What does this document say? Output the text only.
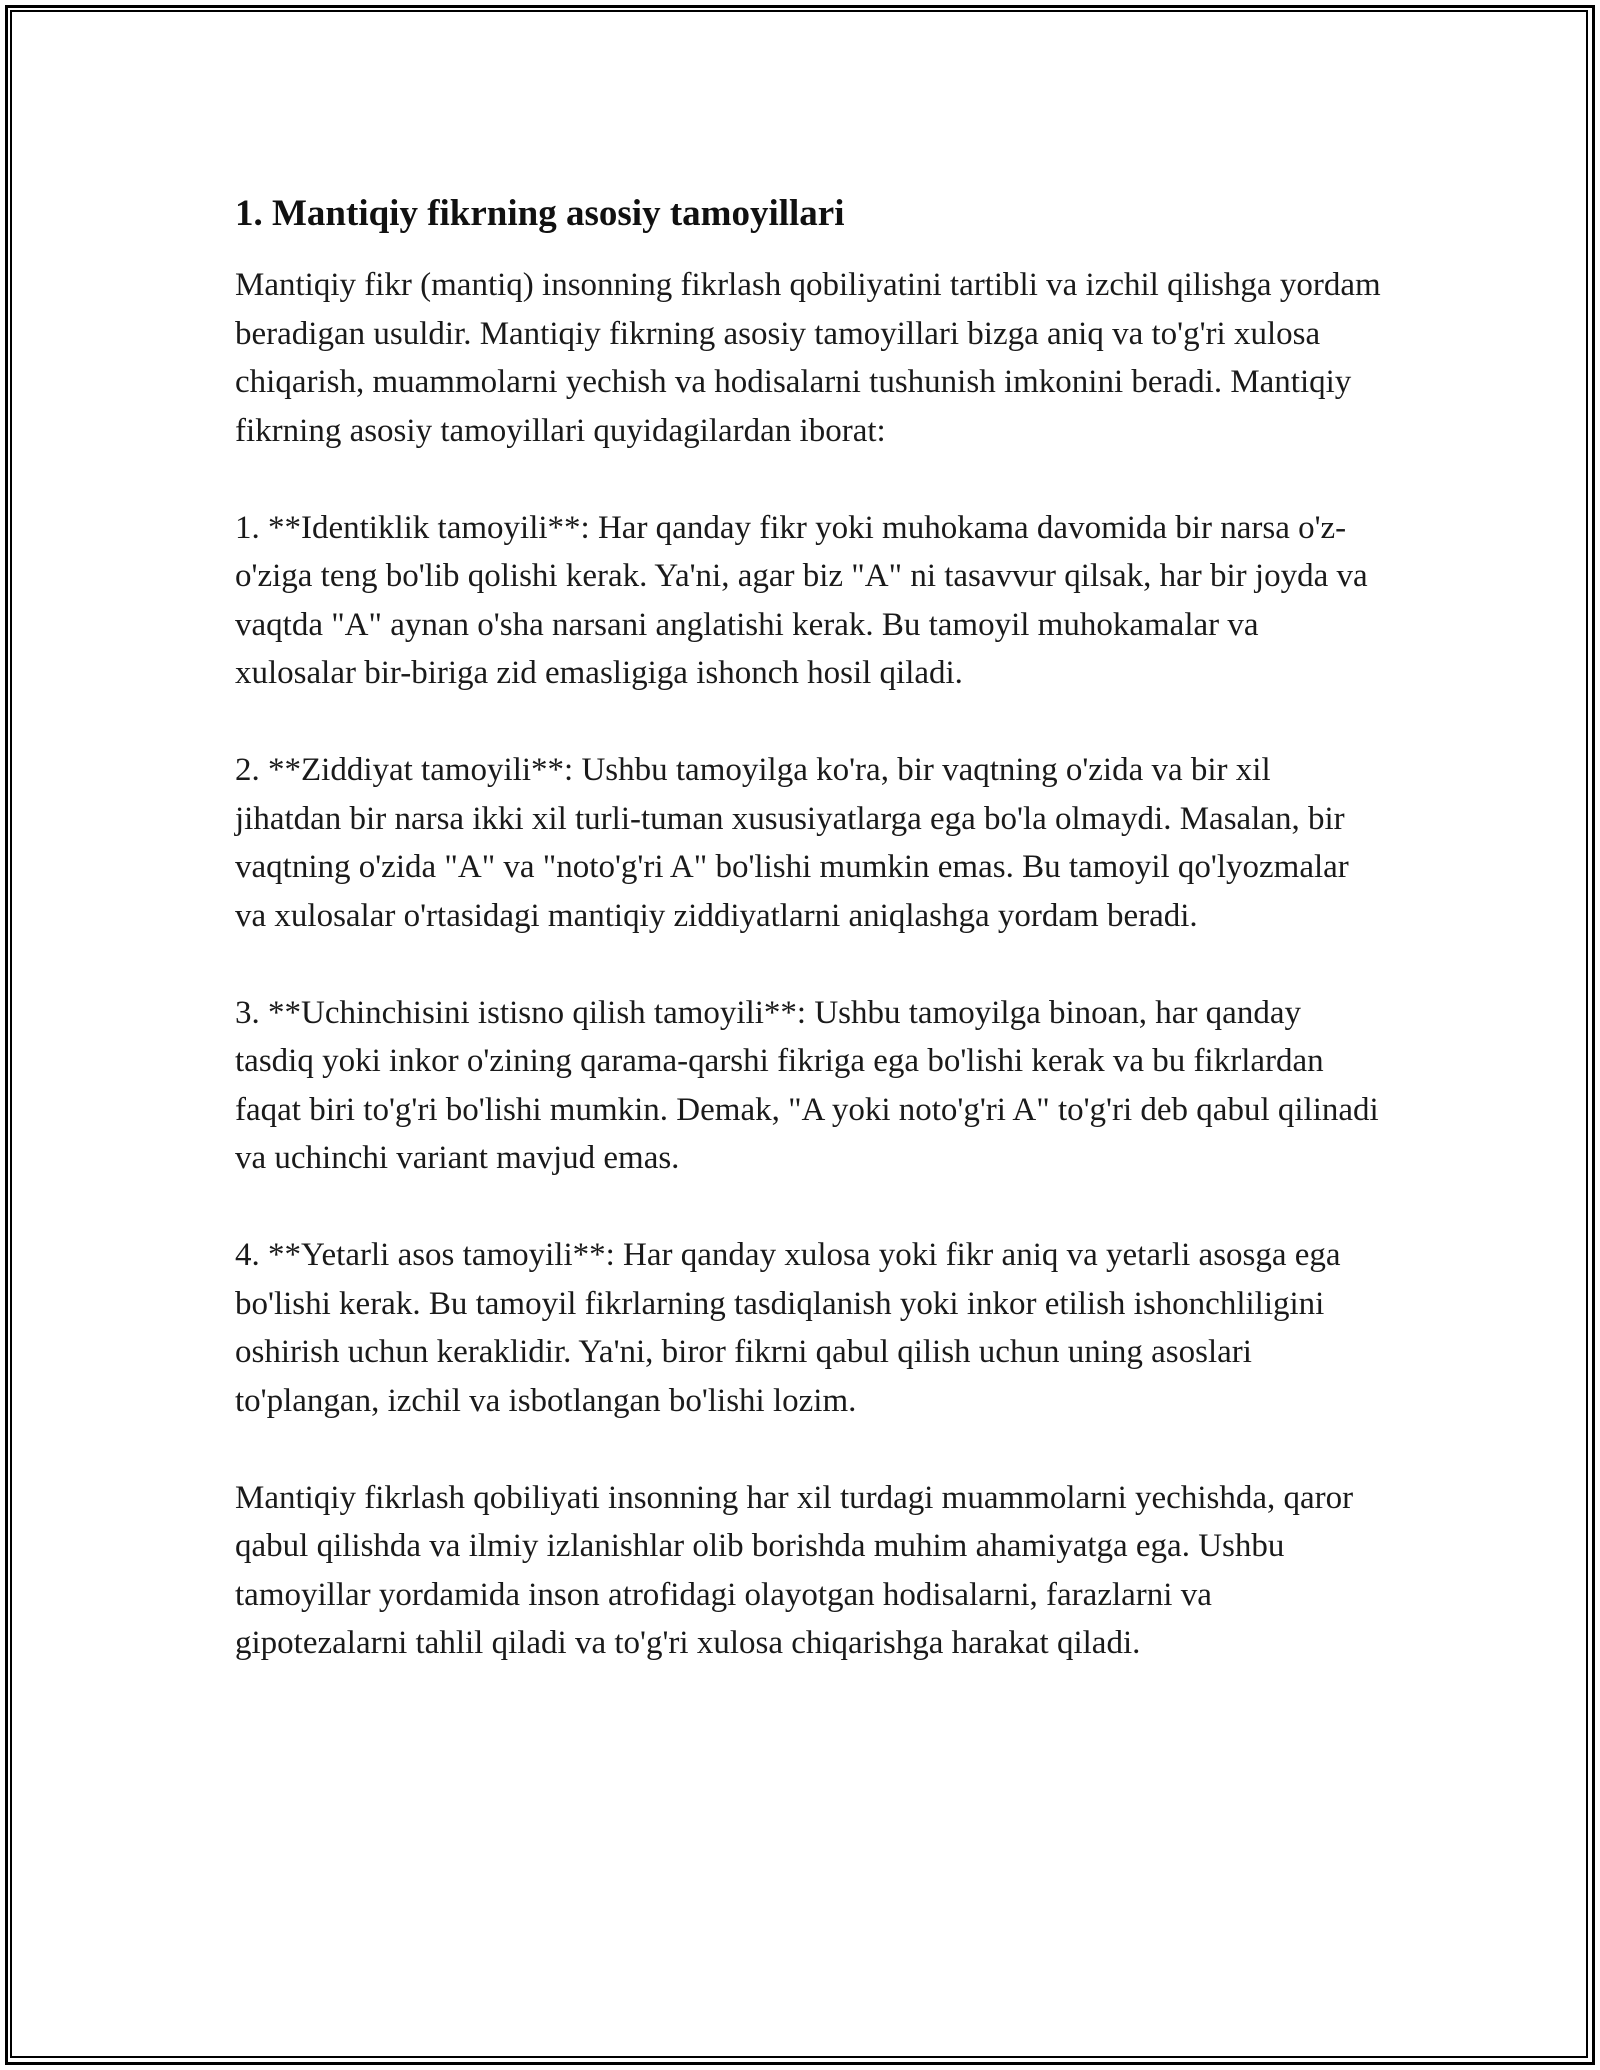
1. Mantiqiy fikrning asosiy tamoyillari

Mantiqiy fikr (mantiq) insonning fikrlash qobiliyatini tartibli va izchil qilishga yordam beradigan usuldir. Mantiqiy fikrning asosiy tamoyillari bizga aniq va to'g'ri xulosa chiqarish, muammolarni yechish va hodisalarni tushunish imkonini beradi. Mantiqiy fikrning asosiy tamoyillari quyidagilardan iborat:

1. **Identiklik tamoyili**: Har qanday fikr yoki muhokama davomida bir narsa o'z-o'ziga teng bo'lib qolishi kerak. Ya'ni, agar biz "A" ni tasavvur qilsak, har bir joyda va vaqtda "A" aynan o'sha narsani anglatishi kerak. Bu tamoyil muhokamalar va xulosalar bir-biriga zid emasligiga ishonch hosil qiladi.

2. **Ziddiyat tamoyili**: Ushbu tamoyilga ko'ra, bir vaqtning o'zida va bir xil jihatdan bir narsa ikki xil turli-tuman xususiyatlarga ega bo'la olmaydi. Masalan, bir vaqtning o'zida "A" va "noto'g'ri A" bo'lishi mumkin emas. Bu tamoyil qo'lyozmalar va xulosalar o'rtasidagi mantiqiy ziddiyatlarni aniqlashga yordam beradi.

3. **Uchinchisini istisno qilish tamoyili**: Ushbu tamoyilga binoan, har qanday tasdiq yoki inkor o'zining qarama-qarshi fikriga ega bo'lishi kerak va bu fikrlardan faqat biri to'g'ri bo'lishi mumkin. Demak, "A yoki noto'g'ri A" to'g'ri deb qabul qilinadi va uchinchi variant mavjud emas.

4. **Yetarli asos tamoyili**: Har qanday xulosa yoki fikr aniq va yetarli asosga ega bo'lishi kerak. Bu tamoyil fikrlarning tasdiqlanish yoki inkor etilish ishonchliligini oshirish uchun keraklidir. Ya'ni, biror fikrni qabul qilish uchun uning asoslari to'plangan, izchil va isbotlangan bo'lishi lozim.

Mantiqiy fikrlash qobiliyati insonning har xil turdagi muammolarni yechishda, qaror qabul qilishda va ilmiy izlanishlar olib borishda muhim ahamiyatga ega. Ushbu tamoyillar yordamida inson atrofidagi olayotgan hodisalarni, farazlarni va gipotezalarni tahlil qiladi va to'g'ri xulosa chiqarishga harakat qiladi.
